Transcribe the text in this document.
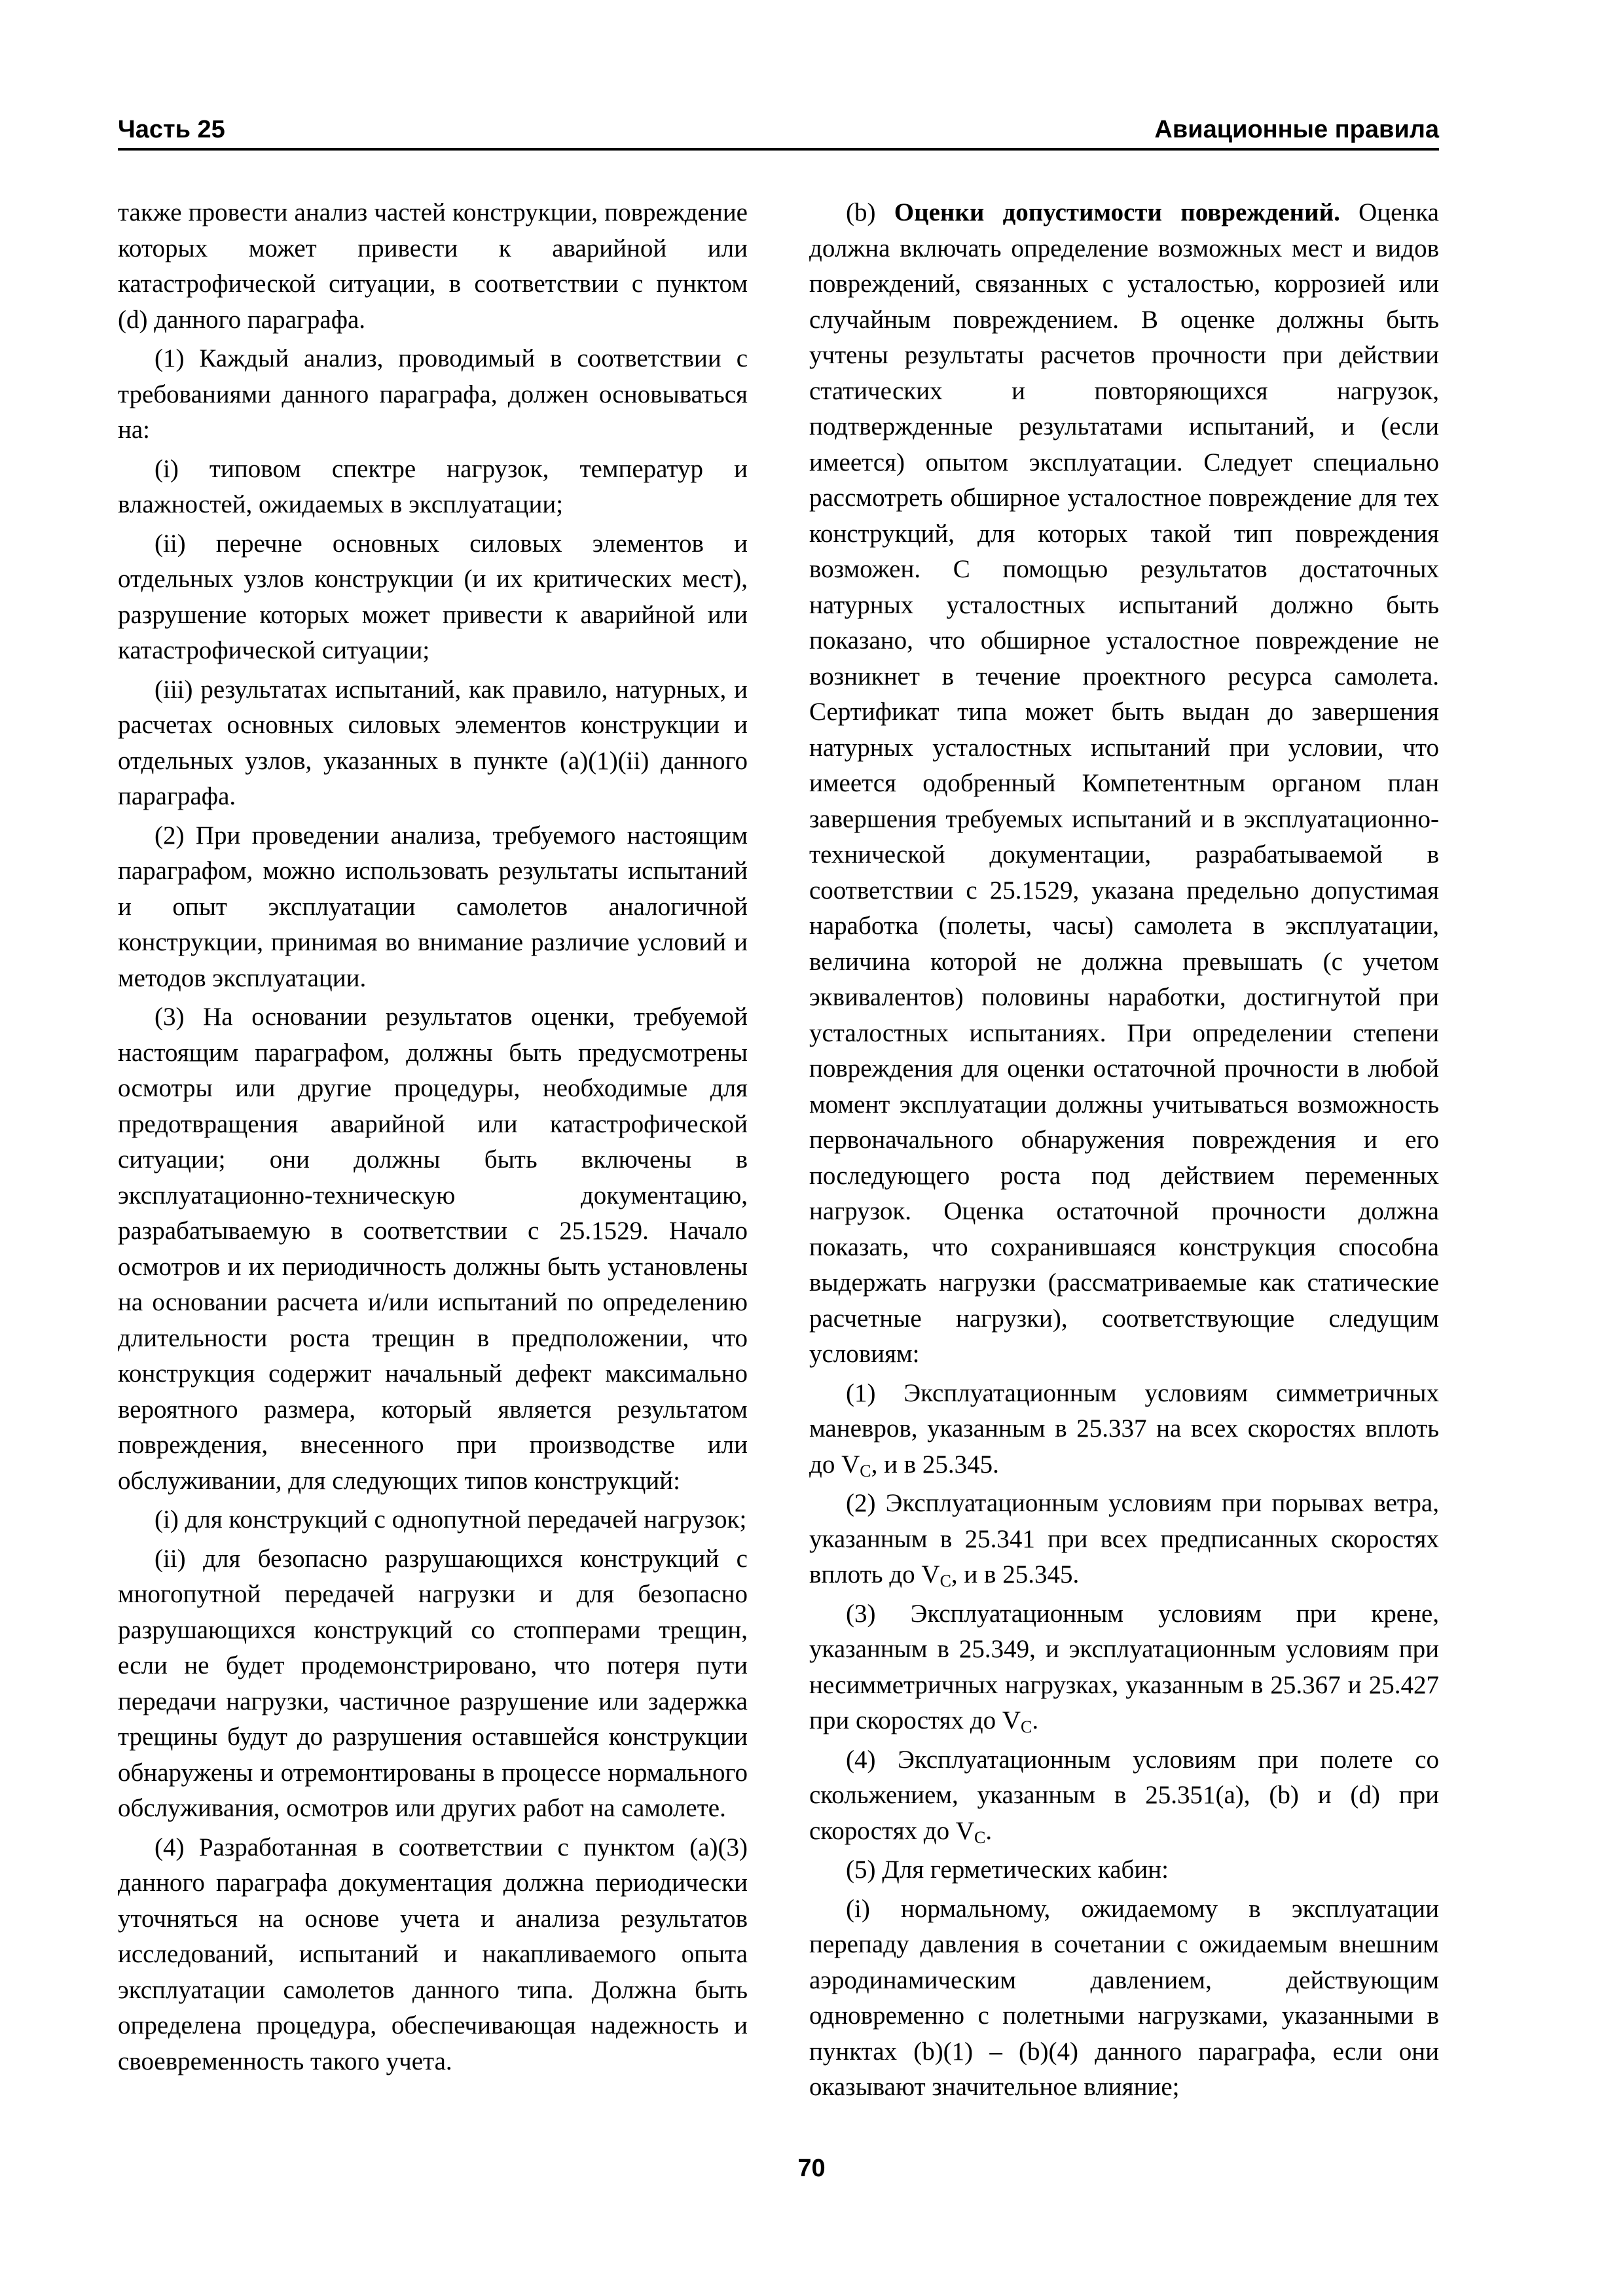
Часть 25	Авиационные правила

также провести анализ частей конструкции, повреждение которых может привести к аварийной или катастрофической ситуации, в соответствии с пунктом (d) данного параграфа.

(1) Каждый анализ, проводимый в соответствии с требованиями данного параграфа, должен основываться на:

(i) типовом спектре нагрузок, температур и влажностей, ожидаемых в эксплуатации;

(ii) перечне основных силовых элементов и отдельных узлов конструкции (и их критических мест), разрушение которых может привести к аварийной или катастрофической ситуации;

(iii) результатах испытаний, как правило, натурных, и расчетах основных силовых элементов конструкции и отдельных узлов, указанных в пункте (a)(1)(ii) данного параграфа.

(2) При проведении анализа, требуемого настоящим параграфом, можно использовать результаты испытаний и опыт эксплуатации самолетов аналогичной конструкции, принимая во внимание различие условий и методов эксплуатации.

(3) На основании результатов оценки, требуемой настоящим параграфом, должны быть предусмотрены осмотры или другие процедуры, необходимые для предотвращения аварийной или катастрофической ситуации; они должны быть включены в эксплуатационно-техническую документацию, разрабатываемую в соответствии с 25.1529. Начало осмотров и их периодичность должны быть установлены на основании расчета и/или испытаний по определению длительности роста трещин в предположении, что конструкция содержит начальный дефект максимально вероятного размера, который является результатом повреждения, внесенного при производстве или обслуживании, для следующих типов конструкций:

(i) для конструкций с однопутной передачей нагрузок;

(ii) для безопасно разрушающихся конструкций с многопутной передачей нагрузки и для безопасно разрушающихся конструкций со стопперами трещин, если не будет продемонстрировано, что потеря пути передачи нагрузки, частичное разрушение или задержка трещины будут до разрушения оставшейся конструкции обнаружены и отремонтированы в процессе нормального обслуживания, осмотров или других работ на самолете.

(4) Разработанная в соответствии с пунктом (a)(3) данного параграфа документация должна периодически уточняться на основе учета и анализа результатов исследований, испытаний и накапливаемого опыта эксплуатации самолетов данного типа. Должна быть определена процедура, обеспечивающая надежность и своевременность такого учета.

(b) Оценки допустимости повреждений. Оценка должна включать определение возможных мест и видов повреждений, связанных с усталостью, коррозией или случайным повреждением. В оценке должны быть учтены результаты расчетов прочности при действии статических и повторяющихся нагрузок, подтвержденные результатами испытаний, и (если имеется) опытом эксплуатации. Следует специально рассмотреть обширное усталостное повреждение для тех конструкций, для которых такой тип повреждения возможен. С помощью результатов достаточных натурных усталостных испытаний должно быть показано, что обширное усталостное повреждение не возникнет в течение проектного ресурса самолета. Сертификат типа может быть выдан до завершения натурных усталостных испытаний при условии, что имеется одобренный Компетентным органом план завершения требуемых испытаний и в эксплуатационно-технической документации, разрабатываемой в соответствии с 25.1529, указана предельно допустимая наработка (полеты, часы) самолета в эксплуатации, величина которой не должна превышать (с учетом эквивалентов) половины наработки, достигнутой при усталостных испытаниях. При определении степени повреждения для оценки остаточной прочности в любой момент эксплуатации должны учитываться возможность первоначального обнаружения повреждения и его последующего роста под действием переменных нагрузок. Оценка остаточной прочности должна показать, что сохранившаяся конструкция способна выдержать нагрузки (рассматриваемые как статические расчетные нагрузки), соответствующие следущим условиям:

(1) Эксплуатационным условиям симметричных маневров, указанным в 25.337 на всех скоростях вплоть до $V_C$, и в 25.345.

(2) Эксплуатационным условиям при порывах ветра, указанным в 25.341 при всех предписанных скоростях вплоть до $V_C$, и в 25.345.

(3) Эксплуатационным условиям при крене, указанным в 25.349, и эксплуатационным условиям при несимметричных нагрузках, указанным в 25.367 и 25.427 при скоростях до $V_C$.

(4) Эксплуатационным условиям при полете со скольжением, указанным в 25.351(a), (b) и (d) при скоростях до $V_C$.

(5) Для герметических кабин:

(i) нормальному, ожидаемому в эксплуатации перепаду давления в сочетании с ожидаемым внешним аэродинамическим давлением, действующим одновременно с полетными нагрузками, указанными в пунктах (b)(1) – (b)(4) данного параграфа, если они оказывают значительное влияние;

70
